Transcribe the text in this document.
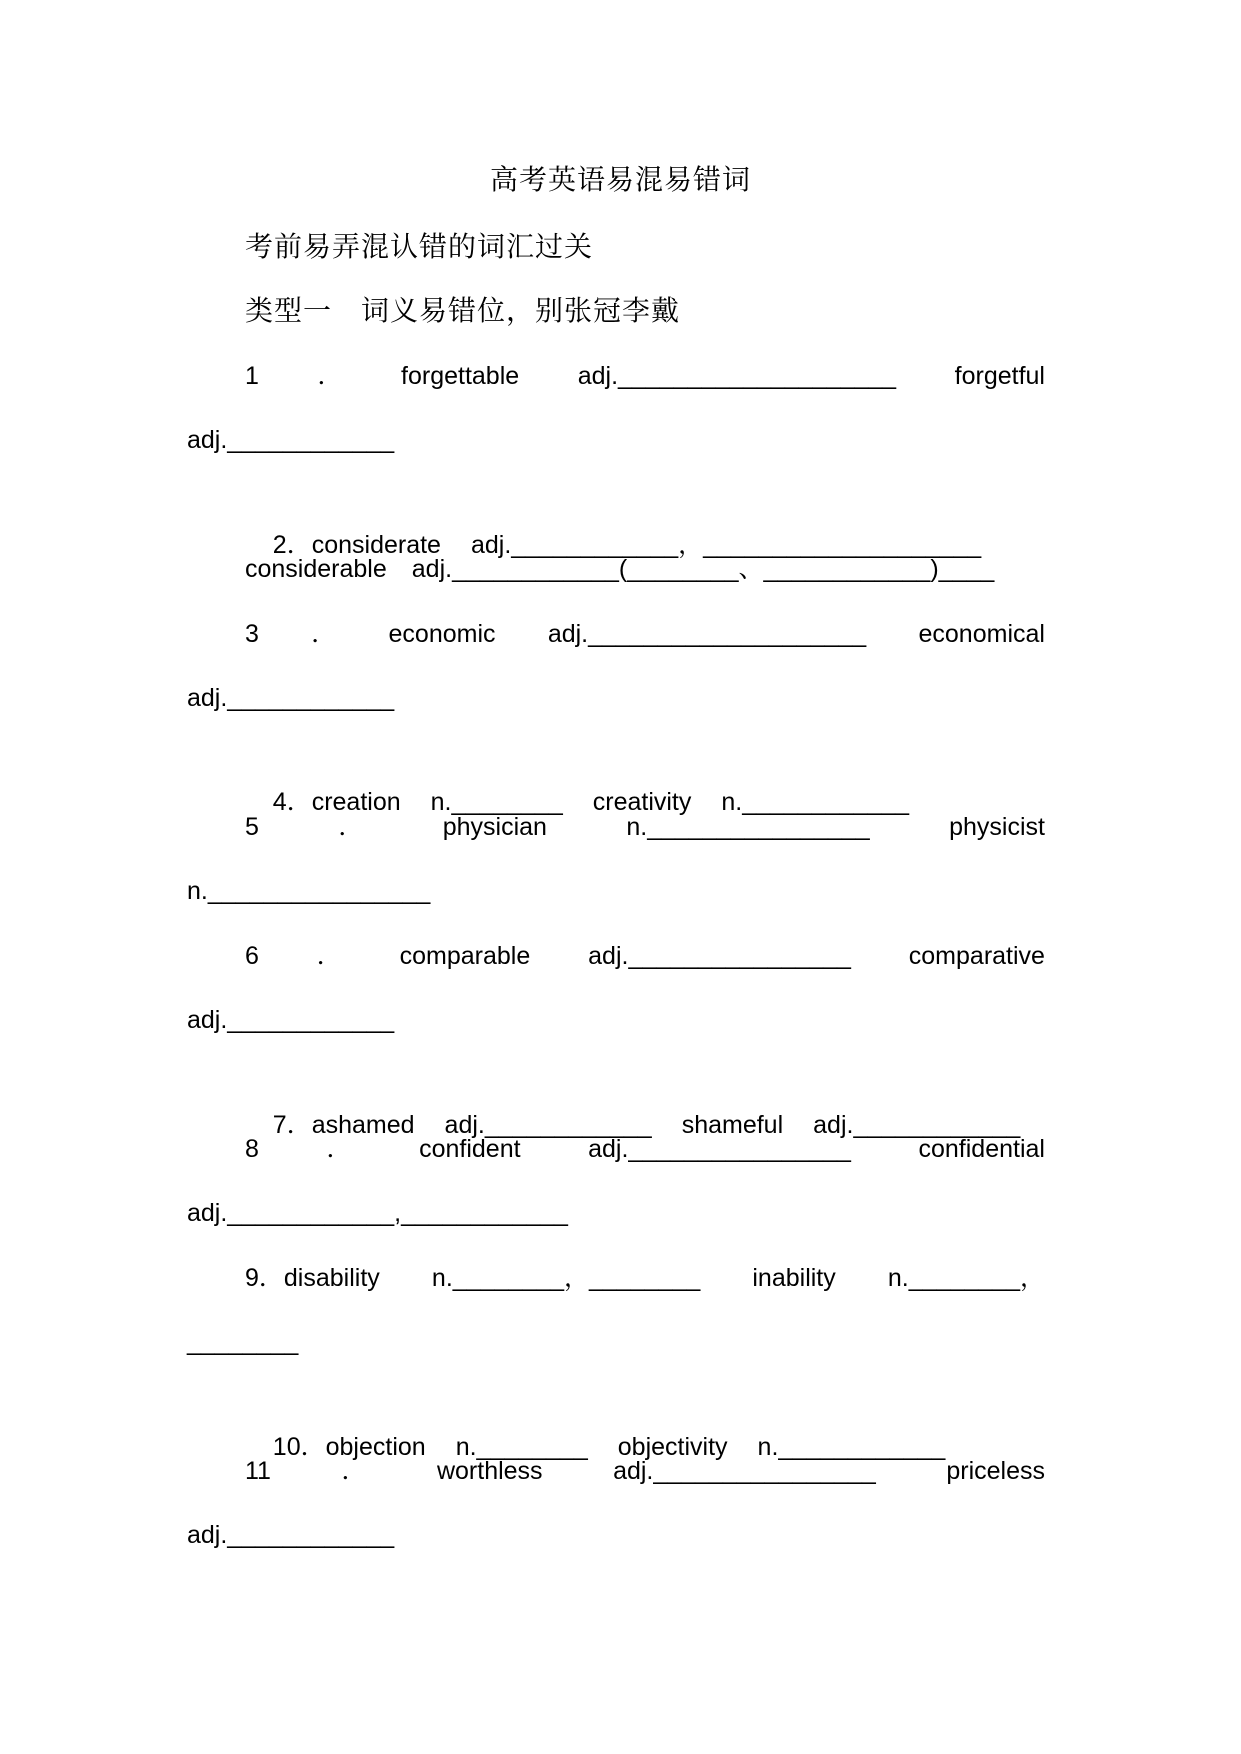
高考英语易混易错词
考前易弄混认错的词汇过关
类型一　词义易错位，别张冠李戴
1 ． forgettable adj.____________________ forgetful
adj.____________

2．considerate adj.____________，____________________

considerable　adj.____________(________、____________)____
3 ． economic adj.____________________ economical
adj.____________

4．creation n.________ creativity n.____________

5	．	physician	n.________________	physicist
n.________________
6 ． comparable adj.________________ comparative
adj.____________

7．ashamed adj.____________ shameful adj.____________

8	．	confident	adj.________________	confidential
adj.____________,____________
9．disability n.________，________ inability n.________，
________

10．objection n.________ objectivity n.____________

11	．	worthless	adj.________________	priceless
adj.____________
